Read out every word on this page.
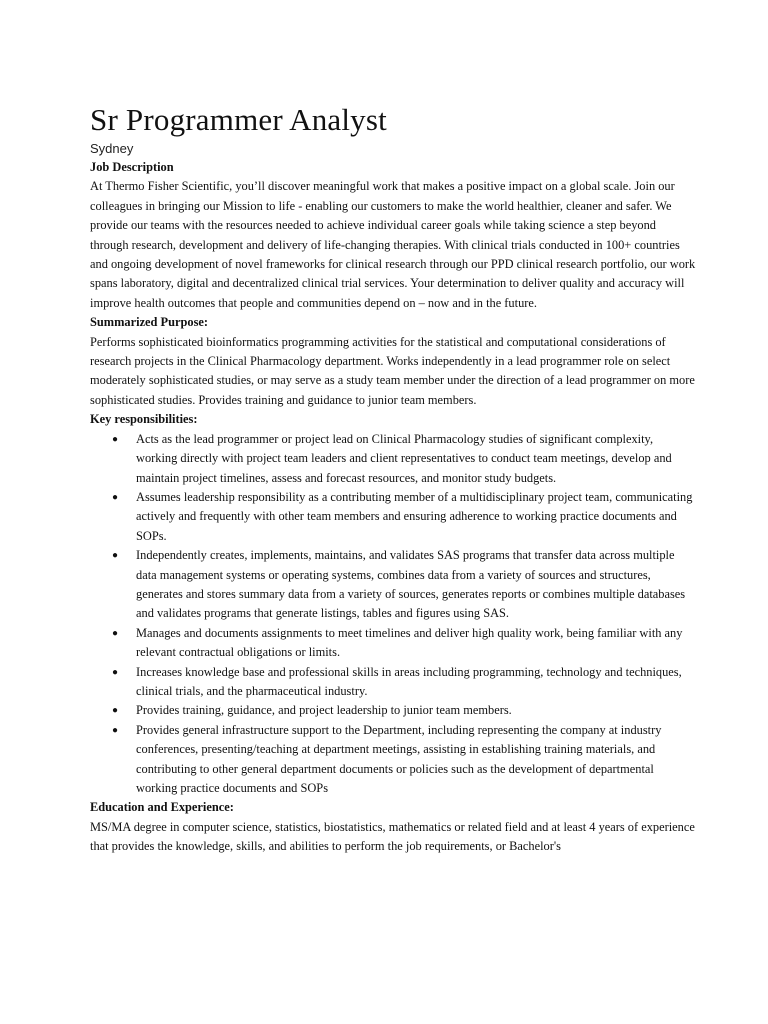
Sr Programmer Analyst

Sydney

Job Description

At Thermo Fisher Scientific, you’ll discover meaningful work that makes a positive impact on a global scale. Join our colleagues in bringing our Mission to life - enabling our customers to make the world healthier, cleaner and safer. We provide our teams with the resources needed to achieve individual career goals while taking science a step beyond through research, development and delivery of life-changing therapies. With clinical trials conducted in 100+ countries and ongoing development of novel frameworks for clinical research through our PPD clinical research portfolio, our work spans laboratory, digital and decentralized clinical trial services. Your determination to deliver quality and accuracy will improve health outcomes that people and communities depend on – now and in the future.

Summarized Purpose:

Performs sophisticated bioinformatics programming activities for the statistical and computational considerations of research projects in the Clinical Pharmacology department. Works independently in a lead programmer role on select moderately sophisticated studies, or may serve as a study team member under the direction of a lead programmer on more sophisticated studies. Provides training and guidance to junior team members.

Key responsibilities:

● Acts as the lead programmer or project lead on Clinical Pharmacology studies of significant complexity, working directly with project team leaders and client representatives to conduct team meetings, develop and maintain project timelines, assess and forecast resources, and monitor study budgets.
● Assumes leadership responsibility as a contributing member of a multidisciplinary project team, communicating actively and frequently with other team members and ensuring adherence to working practice documents and SOPs.
● Independently creates, implements, maintains, and validates SAS programs that transfer data across multiple data management systems or operating systems, combines data from a variety of sources and structures, generates and stores summary data from a variety of sources, generates reports or combines multiple databases and validates programs that generate listings, tables and figures using SAS.
● Manages and documents assignments to meet timelines and deliver high quality work, being familiar with any relevant contractual obligations or limits.
● Increases knowledge base and professional skills in areas including programming, technology and techniques, clinical trials, and the pharmaceutical industry.
● Provides training, guidance, and project leadership to junior team members.
● Provides general infrastructure support to the Department, including representing the company at industry conferences, presenting/teaching at department meetings, assisting in establishing training materials, and contributing to other general department documents or policies such as the development of departmental working practice documents and SOPs

Education and Experience:

MS/MA degree in computer science, statistics, biostatistics, mathematics or related field and at least 4 years of experience that provides the knowledge, skills, and abilities to perform the job requirements, or Bachelor's
